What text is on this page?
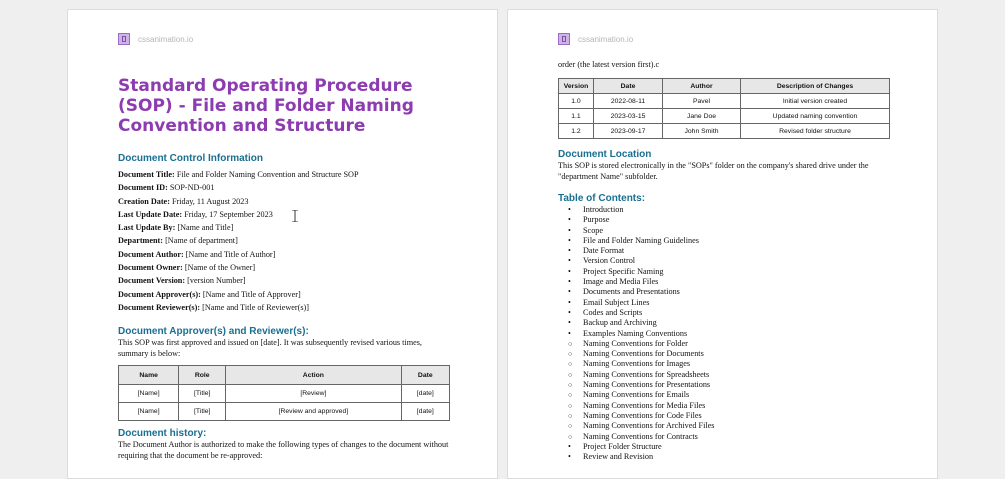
cssanimation.io
Standard Operating Procedure (SOP) - File and Folder Naming Convention and Structure
Document Control Information
Document Title: File and Folder Naming Convention and Structure SOP
Document ID: SOP-ND-001
Creation Date: Friday, 11 August 2023
Last Update Date: Friday, 17 September 2023
Last Update By: [Name and Title]
Department: [Name of department]
Document Author: [Name and Title of Author]
Document Owner: [Name of the Owner]
Document Version: [version Number]
Document Approver(s): [Name and Title of Approver]
Document Reviewer(s): [Name and Title of Reviewer(s)]
Document Approver(s) and Reviewer(s):
This SOP was first approved and issued on [date]. It was subsequently revised various times, summary is below:
Name	Role	Action	Date
[Name]	[Title]	[Review]	[date]
[Name]	[Title]	[Review and approved]	[date]
Document history:
The Document Author is authorized to make the following types of changes to the document without requiring that the document be re-approved:
cssanimation.io
order (the latest version first).c
Version	Date	Author	Description of Changes
1.0	2022-08-11	Pavel	Initial version created
1.1	2023-03-15	Jane Doe	Updated naming convention
1.2	2023-09-17	John Smith	Revised folder structure
Document Location
This SOP is stored electronically in the "SOPs" folder on the company's shared drive under the "department Name" subfolder.
Table of Contents:
• Introduction
• Purpose
• Scope
• File and Folder Naming Guidelines
• Date Format
• Version Control
• Project Specific Naming
• Image and Media Files
• Documents and Presentations
• Email Subject Lines
• Codes and Scripts
• Backup and Archiving
• Examples Naming Conventions
○ Naming Conventions for Folder
○ Naming Conventions for Documents
○ Naming Conventions for Images
○ Naming Conventions for Spreadsheets
○ Naming Conventions for Presentations
○ Naming Conventions for Emails
○ Naming Conventions for Media Files
○ Naming Conventions for Code Files
○ Naming Conventions for Archived Files
○ Naming Conventions for Contracts
• Project Folder Structure
• Review and Revision
